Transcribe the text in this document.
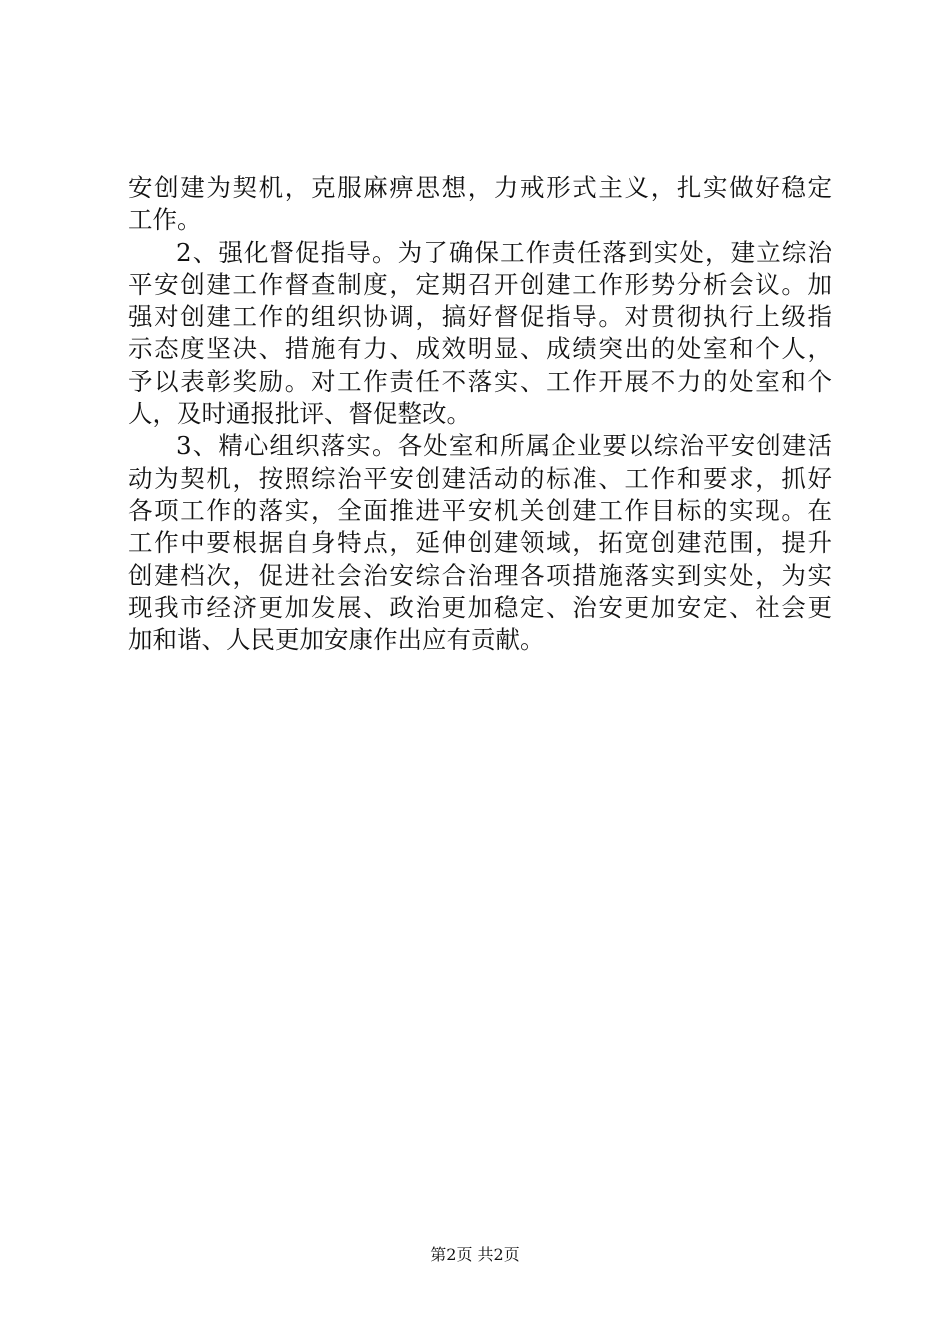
安创建为契机，克服麻痹思想，力戒形式主义，扎实做好稳定
工作。
2、强化督促指导。为了确保工作责任落到实处，建立综治
平安创建工作督查制度，定期召开创建工作形势分析会议。加
强对创建工作的组织协调，搞好督促指导。对贯彻执行上级指
示态度坚决、措施有力、成效明显、成绩突出的处室和个人，
予以表彰奖励。对工作责任不落实、工作开展不力的处室和个
人，及时通报批评、督促整改。
3、精心组织落实。各处室和所属企业要以综治平安创建活
动为契机，按照综治平安创建活动的标准、工作和要求，抓好
各项工作的落实，全面推进平安机关创建工作目标的实现。在
工作中要根据自身特点，延伸创建领域，拓宽创建范围，提升
创建档次，促进社会治安综合治理各项措施落实到实处，为实
现我市经济更加发展、政治更加稳定、治安更加安定、社会更
加和谐、人民更加安康作出应有贡献。
第2页 共2页
